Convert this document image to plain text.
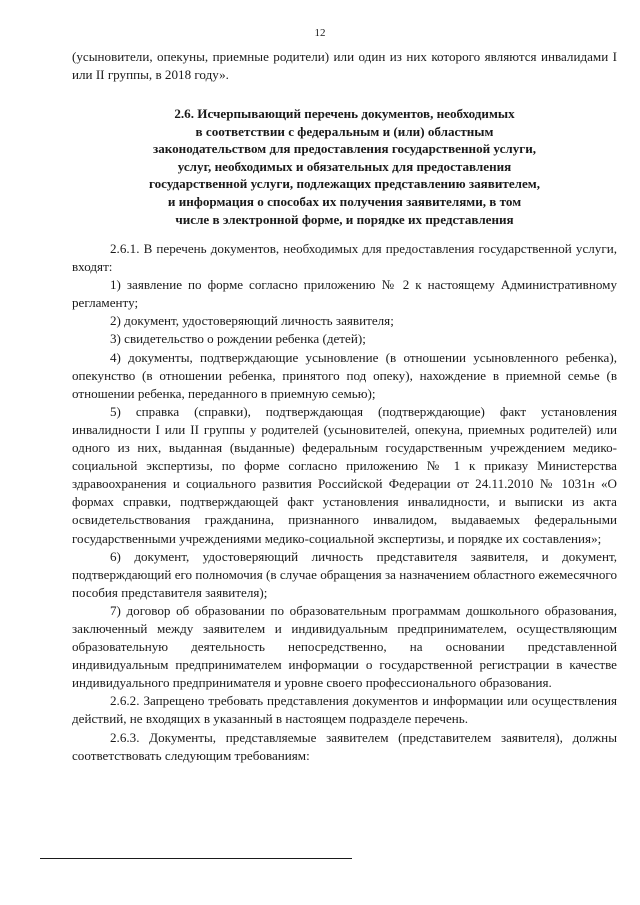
12

(усыновители, опекуны, приемные родители) или один из них которого являются инвалидами I или II группы, в 2018 году».

2.6. Исчерпывающий перечень документов, необходимых
в соответствии с федеральным и (или) областным
законодательством для предоставления государственной услуги,
услуг, необходимых и обязательных для предоставления
государственной услуги, подлежащих представлению заявителем,
и информация о способах их получения заявителями, в том
числе в электронной форме, и порядке их представления

2.6.1. В перечень документов, необходимых для предоставления государственной услуги, входят:

1) заявление по форме согласно приложению № 2 к настоящему Административному регламенту;

2) документ, удостоверяющий личность заявителя;

3) свидетельство о рождении ребенка (детей);

4) документы, подтверждающие усыновление (в отношении усыновленного ребенка), опекунство (в отношении ребенка, принятого под опеку), нахождение в приемной семье (в отношении ребенка, переданного в приемную семью);

5) справка (справки), подтверждающая (подтверждающие) факт установления инвалидности I или II группы у родителей (усыновителей, опекуна, приемных родителей) или одного из них, выданная (выданные) федеральным государственным учреждением медико-социальной экспертизы, по форме согласно приложению № 1 к приказу Министерства здравоохранения и социального развития Российской Федерации от 24.11.2010 № 1031н «О формах справки, подтверждающей факт установления инвалидности, и выписки из акта освидетельствования гражданина, признанного инвалидом, выдаваемых федеральными государственными учреждениями медико-социальной экспертизы, и порядке их составления»;

6) документ, удостоверяющий личность представителя заявителя, и документ, подтверждающий его полномочия (в случае обращения за назначением областного ежемесячного пособия представителя заявителя);

7) договор об образовании по образовательным программам дошкольного образования, заключенный между заявителем и индивидуальным предпринимателем, осуществляющим образовательную деятельность непосредственно, на основании представленной индивидуальным предпринимателем информации о государственной регистрации в качестве индивидуального предпринимателя и уровне своего профессионального образования.

2.6.2. Запрещено требовать представления документов и информации или осуществления действий, не входящих в указанный в настоящем подразделе перечень.

2.6.3. Документы, представляемые заявителем (представителем заявителя), должны соответствовать следующим требованиям:
